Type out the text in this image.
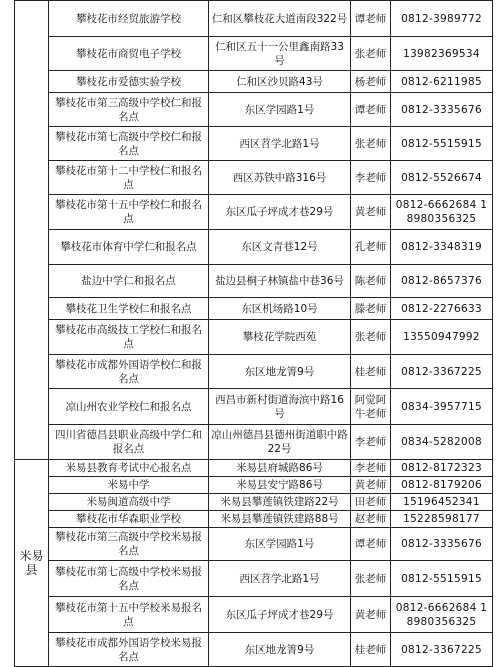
	攀枝花市经贸旅游学校	仁和区攀枝花大道南段322号	谭老师	0812-3989772
	攀枝花市商贸电子学校	仁和区五十一公里鑫南路33号	张老师	13982369534
	攀枝花市爱德实验学校	仁和区沙贝路43号	杨老师	0812-6211985
	攀枝花市第三高级中学校仁和报名点	东区学园路1号	谭老师	0812-3335676
	攀枝花市第七高级中学校仁和报名点	西区苕学北路1号	张老师	0812-5515915
	攀枝花市第十二中学校仁和报名点	西区苏铁中路316号	李老师	0812-5526674
	攀枝花市第十五中学校仁和报名点	东区瓜子坪成才巷29号	黄老师	0812-6662684 18980356325
	攀枝花市体育中学仁和报名点	东区文青巷12号	孔老师	0812-3348319
	盐边中学仁和报名点	盐边县桐子林镇盐中巷36号	陈老师	0812-8657376
	攀枝花卫生学校仁和报名点	东区机场路10号	滕老师	0812-2276633
	攀枝花市高级技工学校仁和报名点	攀枝花学院西苑	张老师	13550947992
	攀枝花市成都外国语学校仁和报名点	东区地龙箐9号	桂老师	0812-3367225
	凉山州农业学校仁和报名点	西昌市新村街道海滨中路16号	阿觉阿牛老师	0834-3957715
	四川省德昌县职业高级中学仁和报名点	凉山州德昌县德州街道职中路22号	李老师	0834-5282008
米易县	米易县教育考试中心报名点	米易县府城路86号	李老师	0812-8172323
	米易中学	米易县安宁路86号	黄老师	0812-8179206
	米易闽道高级中学	米易县攀莲镇铁建路22号	田老师	15196452341
	攀枝花市华森职业学校	米易县攀莲镇铁建路88号	赵老师	15228598177
	攀枝花市第三高级中学校米易报名点	东区学园路1号	谭老师	0812-3335676
	攀枝花市第七高级中学校米易报名点	西区苕学北路1号	张老师	0812-5515915
	攀枝花市第十五中学校米易报名点	东区瓜子坪成才巷29号	黄老师	0812-6662684 18980356325
	攀枝花市成都外国语学校米易报名点	东区地龙箐9号	桂老师	0812-3367225
